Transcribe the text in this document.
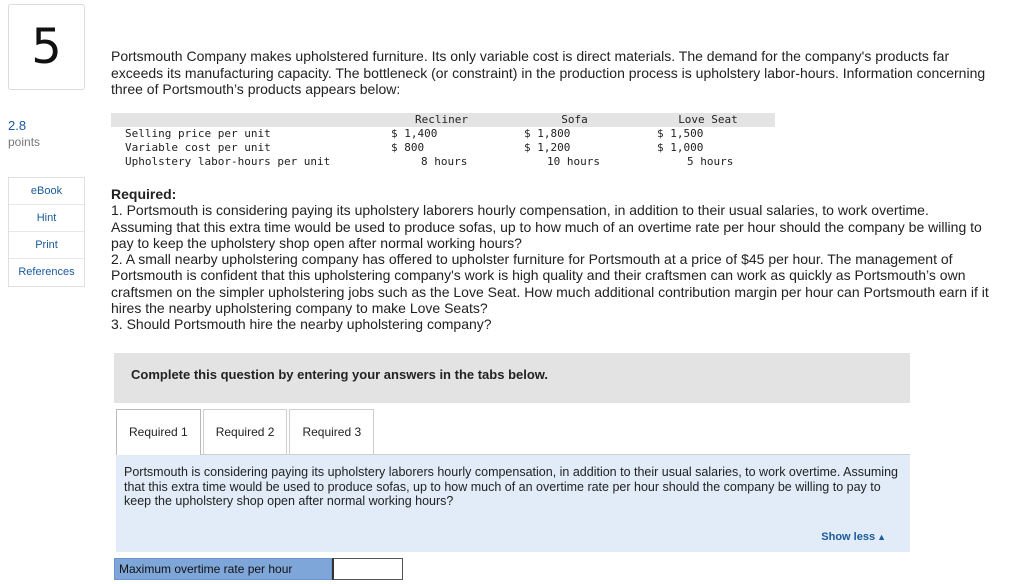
5
2.8
points
eBook
Hint
Print
References
Portsmouth Company makes upholstered furniture. Its only variable cost is direct materials. The demand for the company's products far exceeds its manufacturing capacity. The bottleneck (or constraint) in the production process is upholstery labor-hours. Information concerning three of Portsmouth’s products appears below:
	Recliner	Sofa	Love Seat
Selling price per unit	$ 1,400	$ 1,800	$ 1,500
Variable cost per unit	$ 800	$ 1,200	$ 1,000
Upholstery labor-hours per unit	8 hours	10 hours	5 hours
Required:
1. Portsmouth is considering paying its upholstery laborers hourly compensation, in addition to their usual salaries, to work overtime. Assuming that this extra time would be used to produce sofas, up to how much of an overtime rate per hour should the company be willing to pay to keep the upholstery shop open after normal working hours?
2. A small nearby upholstering company has offered to upholster furniture for Portsmouth at a price of $45 per hour. The management of Portsmouth is confident that this upholstering company's work is high quality and their craftsmen can work as quickly as Portsmouth’s own craftsmen on the simpler upholstering jobs such as the Love Seat. How much additional contribution margin per hour can Portsmouth earn if it hires the nearby upholstering company to make Love Seats?
3. Should Portsmouth hire the nearby upholstering company?
Complete this question by entering your answers in the tabs below.
Required 1	Required 2	Required 3
Portsmouth is considering paying its upholstery laborers hourly compensation, in addition to their usual salaries, to work overtime. Assuming that this extra time would be used to produce sofas, up to how much of an overtime rate per hour should the company be willing to pay to keep the upholstery shop open after normal working hours?
Show less ▲
Maximum overtime rate per hour
